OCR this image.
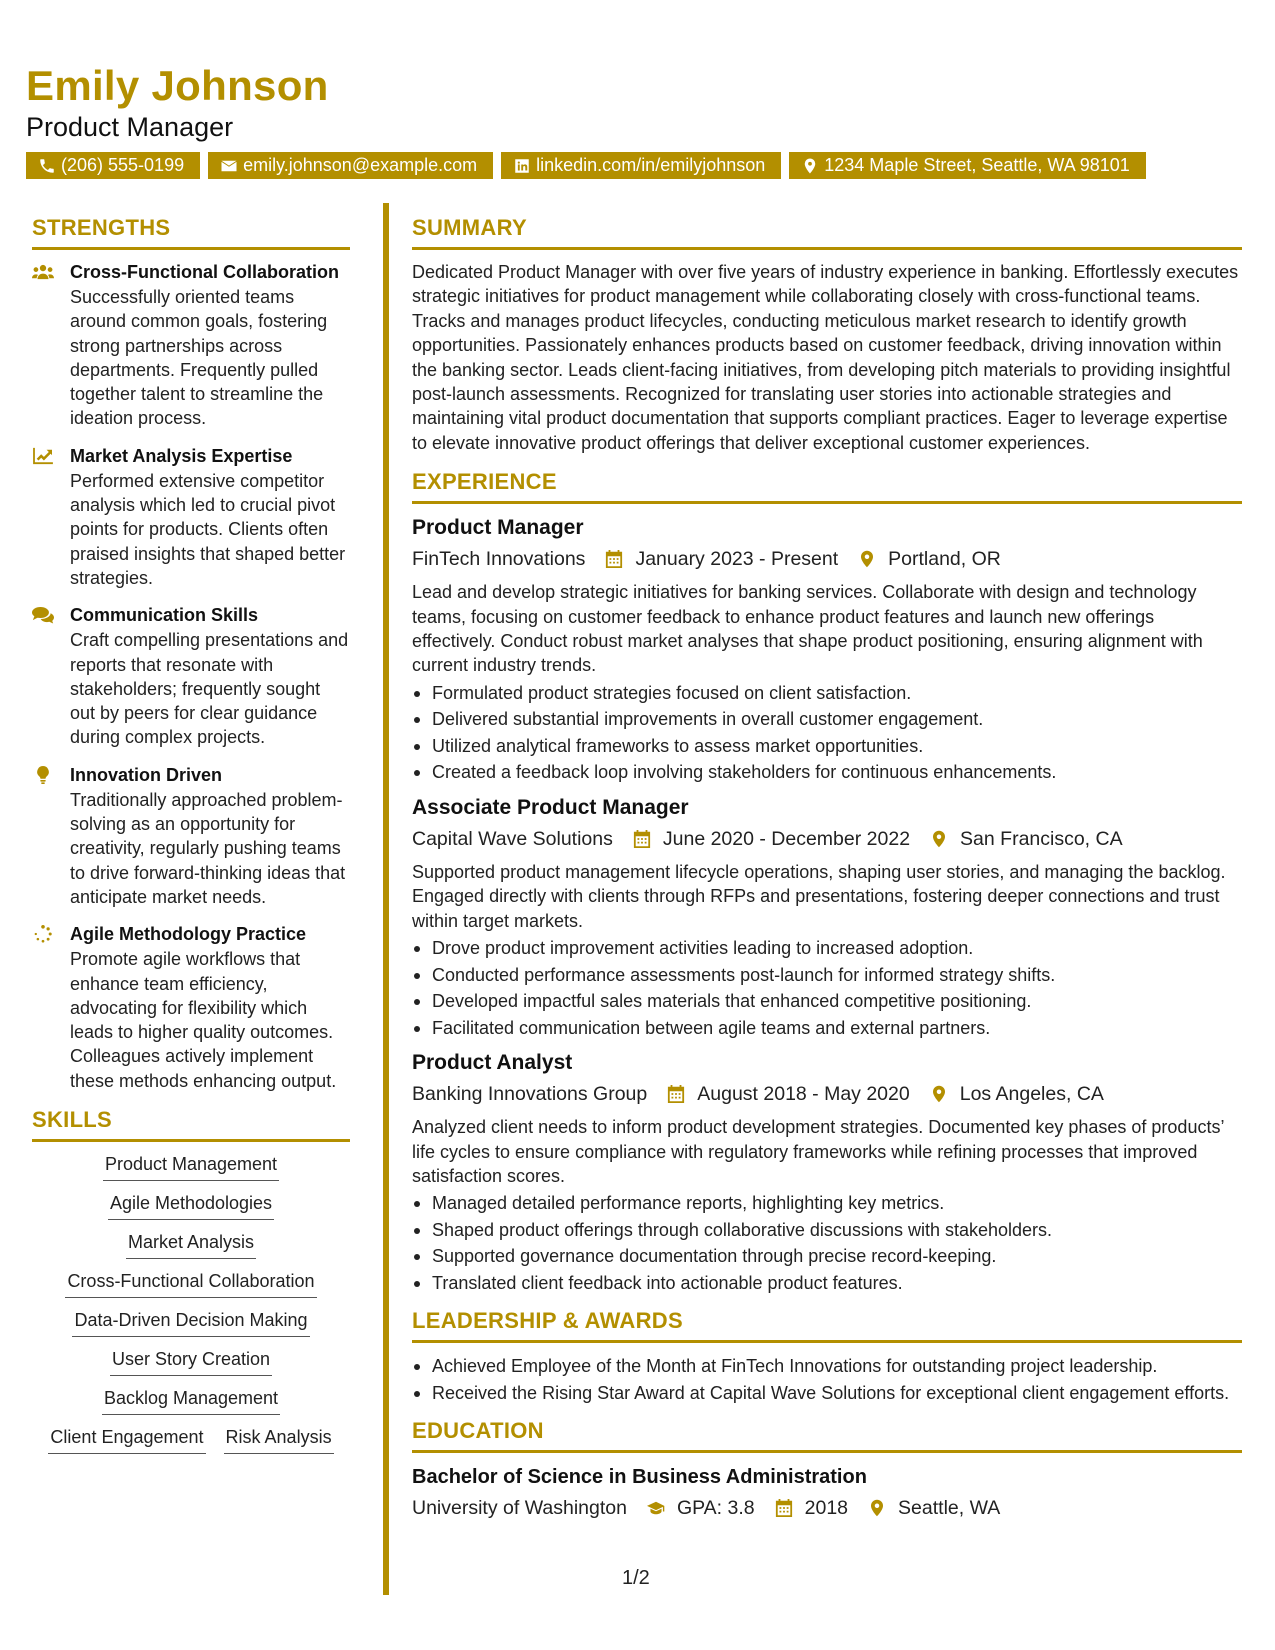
Emily Johnson
Product Manager
(206) 555-0199	emily.johnson@example.com	linkedin.com/in/emilyjohnson	1234 Maple Street, Seattle, WA 98101
STRENGTHS
Cross-Functional Collaboration
Successfully oriented teams around common goals, fostering strong partnerships across departments. Frequently pulled together talent to streamline the ideation process.
Market Analysis Expertise
Performed extensive competitor analysis which led to crucial pivot points for products. Clients often praised insights that shaped better strategies.
Communication Skills
Craft compelling presentations and reports that resonate with stakeholders; frequently sought out by peers for clear guidance during complex projects.
Innovation Driven
Traditionally approached problem-solving as an opportunity for creativity, regularly pushing teams to drive forward-thinking ideas that anticipate market needs.
Agile Methodology Practice
Promote agile workflows that enhance team efficiency, advocating for flexibility which leads to higher quality outcomes. Colleagues actively implement these methods enhancing output.
SKILLS
Product Management
Agile Methodologies
Market Analysis
Cross-Functional Collaboration
Data-Driven Decision Making
User Story Creation
Backlog Management
Client Engagement Risk Analysis
SUMMARY
Dedicated Product Manager with over five years of industry experience in banking. Effortlessly executes strategic initiatives for product management while collaborating closely with cross-functional teams. Tracks and manages product lifecycles, conducting meticulous market research to identify growth opportunities. Passionately enhances products based on customer feedback, driving innovation within the banking sector. Leads client-facing initiatives, from developing pitch materials to providing insightful post-launch assessments. Recognized for translating user stories into actionable strategies and maintaining vital product documentation that supports compliant practices. Eager to leverage expertise to elevate innovative product offerings that deliver exceptional customer experiences.
EXPERIENCE
Product Manager
FinTech Innovations	January 2023 - Present	Portland, OR
Lead and develop strategic initiatives for banking services. Collaborate with design and technology teams, focusing on customer feedback to enhance product features and launch new offerings effectively. Conduct robust market analyses that shape product positioning, ensuring alignment with current industry trends.
Formulated product strategies focused on client satisfaction.
Delivered substantial improvements in overall customer engagement.
Utilized analytical frameworks to assess market opportunities.
Created a feedback loop involving stakeholders for continuous enhancements.
Associate Product Manager
Capital Wave Solutions	June 2020 - December 2022	San Francisco, CA
Supported product management lifecycle operations, shaping user stories, and managing the backlog. Engaged directly with clients through RFPs and presentations, fostering deeper connections and trust within target markets.
Drove product improvement activities leading to increased adoption.
Conducted performance assessments post-launch for informed strategy shifts.
Developed impactful sales materials that enhanced competitive positioning.
Facilitated communication between agile teams and external partners.
Product Analyst
Banking Innovations Group	August 2018 - May 2020	Los Angeles, CA
Analyzed client needs to inform product development strategies. Documented key phases of products’ life cycles to ensure compliance with regulatory frameworks while refining processes that improved satisfaction scores.
Managed detailed performance reports, highlighting key metrics.
Shaped product offerings through collaborative discussions with stakeholders.
Supported governance documentation through precise record-keeping.
Translated client feedback into actionable product features.
LEADERSHIP & AWARDS
Achieved Employee of the Month at FinTech Innovations for outstanding project leadership.
Received the Rising Star Award at Capital Wave Solutions for exceptional client engagement efforts.
EDUCATION
Bachelor of Science in Business Administration
University of Washington	GPA: 3.8	2018	Seattle, WA
1/2
